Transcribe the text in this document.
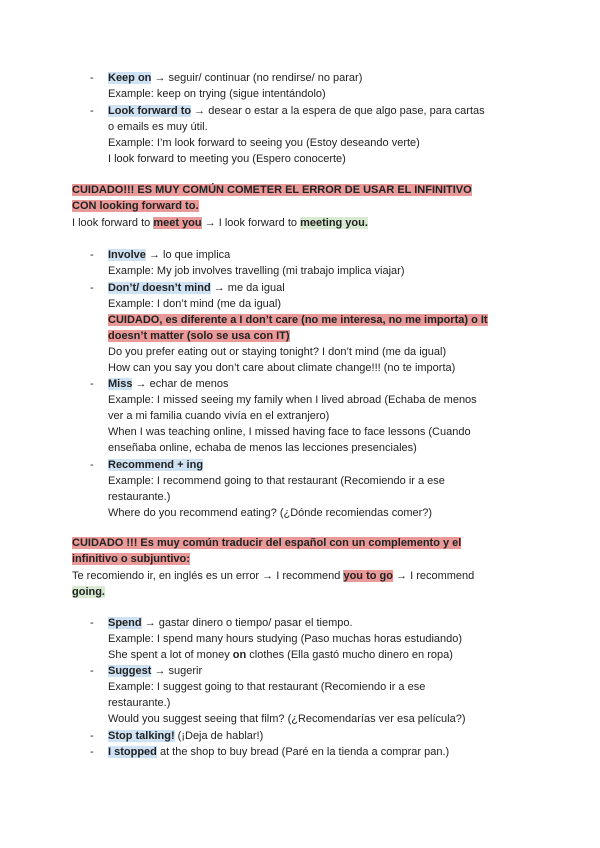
-	Keep on → seguir/ continuar (no rendirse/ no parar)
Example: keep on trying (sigue intentándolo)
-	Look forward to → desear o estar a la espera de que algo pase, para cartas
o emails es muy útil.
Example: I’m look forward to seeing you (Estoy deseando verte)
I look forward to meeting you (Espero conocerte)
CUIDADO!!! ES MUY COMÚN COMETER EL ERROR DE USAR EL INFINITIVO
CON looking forward to.
I look forward to meet you → I look forward to meeting you.
-	Involve → lo que implica
Example: My job involves travelling (mi trabajo implica viajar)
-	Don’t/ doesn’t mind → me da igual
Example: I don’t mind (me da igual)
CUIDADO, es diferente a I don’t care (no me interesa, no me importa) o It
doesn’t matter (solo se usa con IT)
Do you prefer eating out or staying tonight? I don’t mind (me da igual)
How can you say you don’t care about climate change!!! (no te importa)
-	Miss → echar de menos
Example: I missed seeing my family when I lived abroad (Echaba de menos
ver a mi familia cuando vivía en el extranjero)
When I was teaching online, I missed having face to face lessons (Cuando
enseñaba online, echaba de menos las lecciones presenciales)
-	Recommend + ing
Example: I recommend going to that restaurant (Recomiendo ir a ese
restaurante.)
Where do you recommend eating? (¿Dónde recomiendas comer?)
CUIDADO !!! Es muy común traducir del español con un complemento y el
infinitivo o subjuntivo:
Te recomiendo ir, en inglés es un error → I recommend you to go → I recommend
going.
-	Spend → gastar dinero o tiempo/ pasar el tiempo.
Example: I spend many hours studying (Paso muchas horas estudiando)
She spent a lot of money on clothes (Ella gastó mucho dinero en ropa)
-	Suggest → sugerir
Example: I suggest going to that restaurant (Recomiendo ir a ese
restaurante.)
Would you suggest seeing that film? (¿Recomendarías ver esa película?)
-	Stop talking! (¡Deja de hablar!)
-	I stopped at the shop to buy bread (Paré en la tienda a comprar pan.)
